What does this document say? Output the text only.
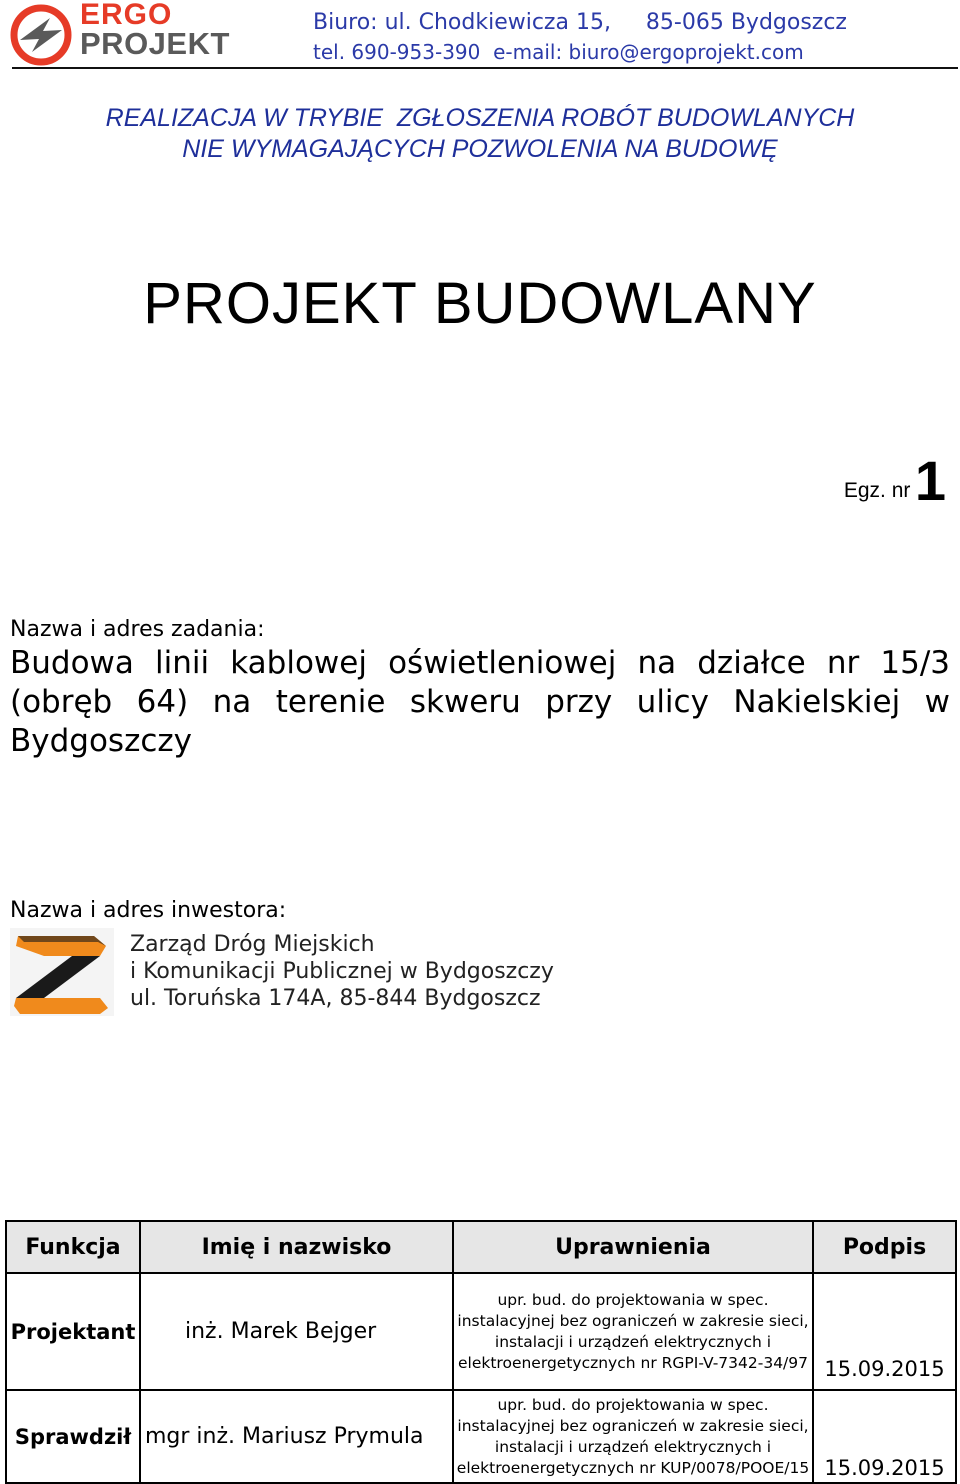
ERGO
PROJEKT
Biuro: ul. Chodkiewicza 15,     85-065 Bydgoszcz
tel. 690-953-390  e-mail: biuro@ergoprojekt.com
REALIZACJA W TRYBIE  ZGŁOSZENIA ROBÓT BUDOWLANYCH
NIE WYMAGAJĄCYCH POZWOLENIA NA BUDOWĘ
PROJEKT BUDOWLANY
Egz. nr 1
Nazwa i adres zadania:
Budowa linii kablowej oświetleniowej na działce nr 15/3 (obręb 64) na terenie skweru przy ulicy Nakielskiej w Bydgoszczy
Nazwa i adres inwestora:
Zarząd Dróg Miejskich
i Komunikacji Publicznej w Bydgoszczy
ul. Toruńska 174A, 85-844 Bydgoszcz
Funkcja	Imię i nazwisko	Uprawnienia	Podpis
Projektant	inż. Marek Bejger	upr. bud. do projektowania w spec.
instalacyjnej bez ograniczeń w zakresie sieci,
instalacji i urządzeń elektrycznych i
elektroenergetycznych nr RGPI-V-7342-34/97	15.09.2015
Sprawdził	mgr inż. Mariusz Prymula	upr. bud. do projektowania w spec.
instalacyjnej bez ograniczeń w zakresie sieci,
instalacji i urządzeń elektrycznych i
elektroenergetycznych nr KUP/0078/POOE/15	15.09.2015
